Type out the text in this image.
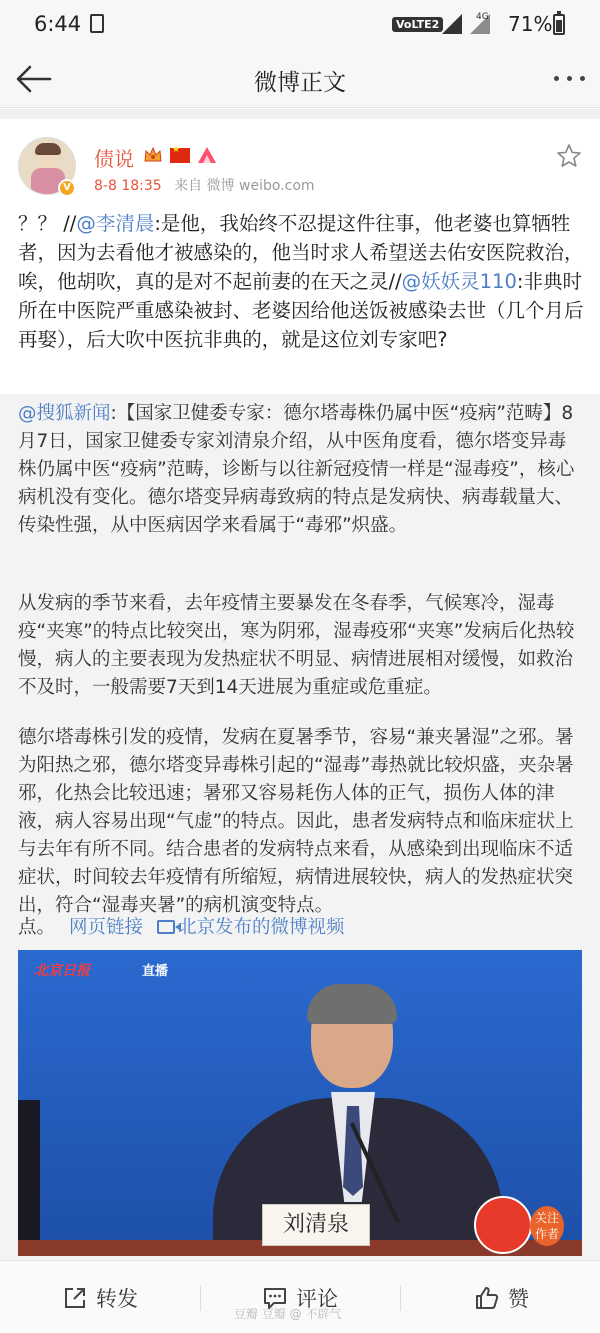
6:44	VoLTE2
4G 71%
微博正文
V
债说
★
8-8 18:35 来自 微博 weibo.com
？？ //@李清晨:是他，我始终不忍提这件往事，他老婆也算牺牲者，因为去看他才被感染的，他当时求人希望送去佑安医院救治，唉，他胡吹，真的是对不起前妻的在天之灵//@妖妖灵110:非典时所在中医院严重感染被封、老婆因给他送饭被感染去世（几个月后再娶），后大吹中医抗非典的，就是这位刘专家吧?
@搜狐新闻:【国家卫健委专家：德尔塔毒株仍属中医“疫病”范畴】8月7日，国家卫健委专家刘清泉介绍，从中医角度看，德尔塔变异毒株仍属中医“疫病”范畴，诊断与以往新冠疫情一样是“湿毒疫”，核心病机没有变化。德尔塔变异病毒致病的特点是发病快、病毒载量大、传染性强，从中医病因学来看属于“毒邪”炽盛。
从发病的季节来看，去年疫情主要暴发在冬春季，气候寒冷，湿毒疫“夹寒”的特点比较突出，寒为阴邪，湿毒疫邪“夹寒”发病后化热较慢，病人的主要表现为发热症状不明显、病情进展相对缓慢，如救治不及时，一般需要7天到14天进展为重症或危重症。
德尔塔毒株引发的疫情，发病在夏暑季节，容易“兼夹暑湿”之邪。暑为阳热之邪，德尔塔变异毒株引起的“湿毒”毒热就比较炽盛，夹杂暑邪，化热会比较迅速；暑邪又容易耗伤人体的正气，损伤人体的津液，病人容易出现“气虚”的特点。因此，患者发病特点和临床症状上与去年有所不同。结合患者的发病特点来看，从感染到出现临床不适症状，时间较去年疫情有所缩短，病情进展较快，病人的发热症状突出，符合“湿毒夹暑”的病机演变特点。
点。 网页链接 北京发布的微博视频
北京日报	直播
刘清泉	关注作者
转发	评论	赞
豆瓣 豆瓣 @ 不辟气
